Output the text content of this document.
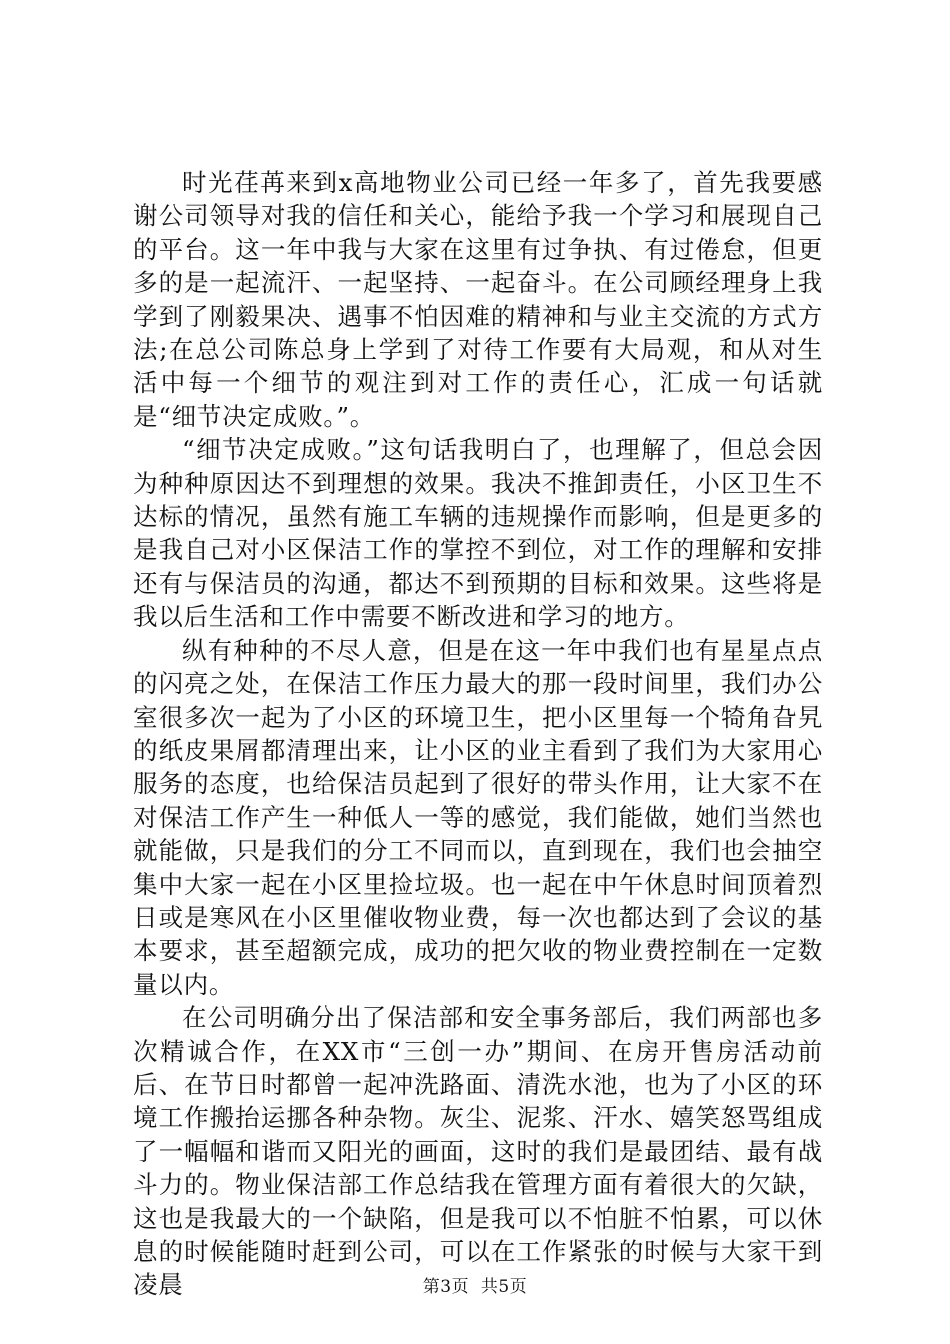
时光荏苒来到x高地物业公司已经一年多了，首先我要感谢公司领导对我的信任和关心，能给予我一个学习和展现自己的平台。这一年中我与大家在这里有过争执、有过倦怠，但更多的是一起流汗、一起坚持、一起奋斗。在公司顾经理身上我学到了刚毅果决、遇事不怕因难的精神和与业主交流的方式方法;在总公司陈总身上学到了对待工作要有大局观，和从对生活中每一个细节的观注到对工作的责任心，汇成一句话就是“细节决定成败。”。

“细节决定成败。”这句话我明白了，也理解了，但总会因为种种原因达不到理想的效果。我决不推卸责任，小区卫生不达标的情况，虽然有施工车辆的违规操作而影响，但是更多的是我自己对小区保洁工作的掌控不到位，对工作的理解和安排还有与保洁员的沟通，都达不到预期的目标和效果。这些将是我以后生活和工作中需要不断改进和学习的地方。

纵有种种的不尽人意，但是在这一年中我们也有星星点点的闪亮之处，在保洁工作压力最大的那一段时间里，我们办公室很多次一起为了小区的环境卫生，把小区里每一个犄角旮旯的纸皮果屑都清理出来，让小区的业主看到了我们为大家用心服务的态度，也给保洁员起到了很好的带头作用，让大家不在对保洁工作产生一种低人一等的感觉，我们能做，她们当然也就能做，只是我们的分工不同而以，直到现在，我们也会抽空集中大家一起在小区里捡垃圾。也一起在中午休息时间顶着烈日或是寒风在小区里催收物业费，每一次也都达到了会议的基本要求，甚至超额完成，成功的把欠收的物业费控制在一定数量以内。

在公司明确分出了保洁部和安全事务部后，我们两部也多次精诚合作，在XX市“三创一办”期间、在房开售房活动前后、在节日时都曾一起冲洗路面、清洗水池，也为了小区的环境工作搬抬运挪各种杂物。灰尘、泥浆、汗水、嬉笑怒骂组成了一幅幅和谐而又阳光的画面，这时的我们是最团结、最有战斗力的。物业保洁部工作总结我在管理方面有着很大的欠缺，这也是我最大的一个缺陷，但是我可以不怕脏不怕累，可以休息的时候能随时赶到公司，可以在工作紧张的时候与大家干到凌晨	第3页 共5页
